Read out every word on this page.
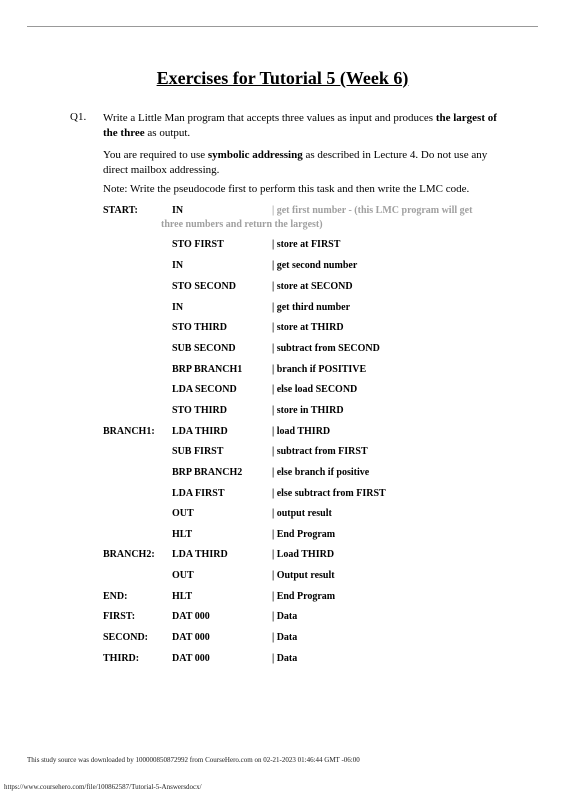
Exercises for Tutorial 5 (Week 6)
Q1. Write a Little Man program that accepts three values as input and produces the largest of the three as output.
You are required to use symbolic addressing as described in Lecture 4. Do not use any direct mailbox addressing.
Note: Write the pseudocode first to perform this task and then write the LMC code.
START:	IN	| get first number - (this LMC program will get
three numbers and return the largest)
STO FIRST	| store at FIRST
IN	| get second number
STO SECOND	| store at SECOND
IN	| get third number
STO THIRD	| store at THIRD
SUB SECOND	| subtract from SECOND
BRP BRANCH1	| branch if POSITIVE
LDA SECOND	| else load SECOND
STO THIRD	| store in THIRD
BRANCH1: LDA THIRD	| load THIRD
SUB FIRST	| subtract from FIRST
BRP BRANCH2	| else branch if positive
LDA FIRST	| else subtract from FIRST
OUT	| output result
HLT	| End Program
BRANCH2: LDA THIRD	| Load THIRD
OUT	| Output result
END:	HLT	| End Program
FIRST:	DAT 000	| Data
SECOND: DAT 000	| Data
THIRD:	DAT 000	| Data
This study source was downloaded by 100000850872992 from CourseHero.com on 02-21-2023 01:46:44 GMT -06:00
https://www.coursehero.com/file/100862587/Tutorial-5-Answersdocx/
